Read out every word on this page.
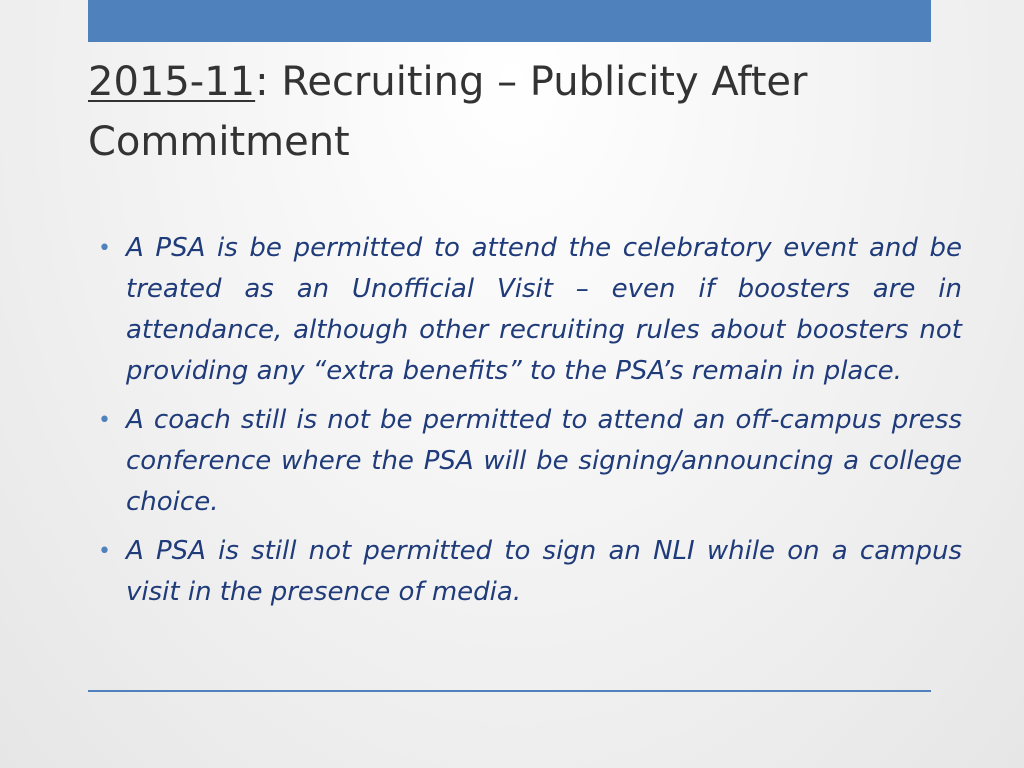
2015-11: Recruiting – Publicity After Commitment
• A PSA is be permitted to attend the celebratory event and be treated as an Unofficial Visit – even if boosters are in attendance, although other recruiting rules about boosters not providing any “extra benefits” to the PSA’s remain in place.
• A coach still is not be permitted to attend an off-campus press conference where the PSA will be signing/announcing a college choice.
• A PSA is still not permitted to sign an NLI while on a campus visit in the presence of media.
